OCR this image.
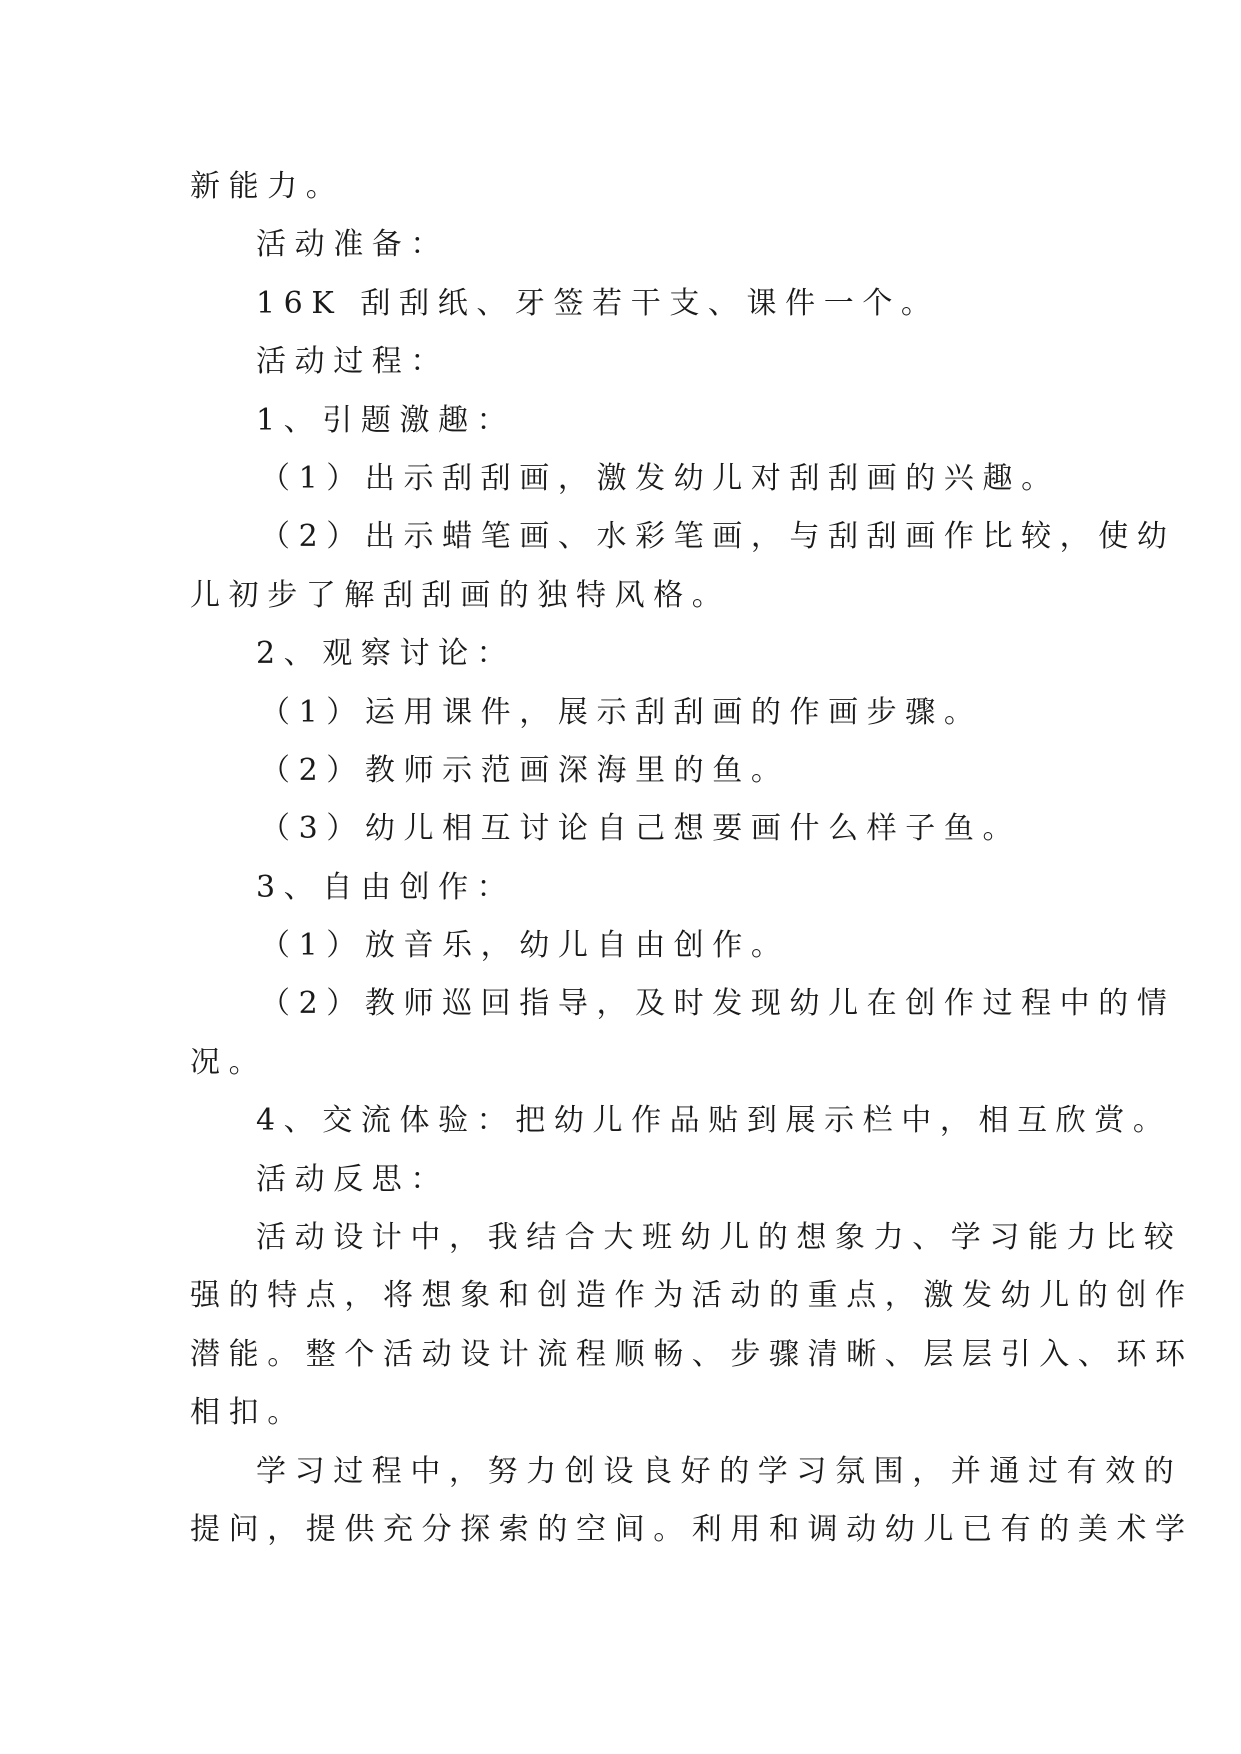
新能力。

活动准备：

16K 刮刮纸、牙签若干支、课件一个。

活动过程：

1、引题激趣：

（1）出示刮刮画，激发幼儿对刮刮画的兴趣。

（2）出示蜡笔画、水彩笔画，与刮刮画作比较，使幼

儿初步了解刮刮画的独特风格。

2、观察讨论：

（1）运用课件，展示刮刮画的作画步骤。

（2）教师示范画深海里的鱼。

（3）幼儿相互讨论自己想要画什么样子鱼。

3、自由创作：

（1）放音乐，幼儿自由创作。

（2）教师巡回指导，及时发现幼儿在创作过程中的情

况。

4、交流体验：把幼儿作品贴到展示栏中，相互欣赏。

活动反思：

活动设计中，我结合大班幼儿的想象力、学习能力比较

强的特点，将想象和创造作为活动的重点，激发幼儿的创作

潜能。整个活动设计流程顺畅、步骤清晰、层层引入、环环

相扣。

学习过程中，努力创设良好的学习氛围，并通过有效的

提问，提供充分探索的空间。利用和调动幼儿已有的美术学
